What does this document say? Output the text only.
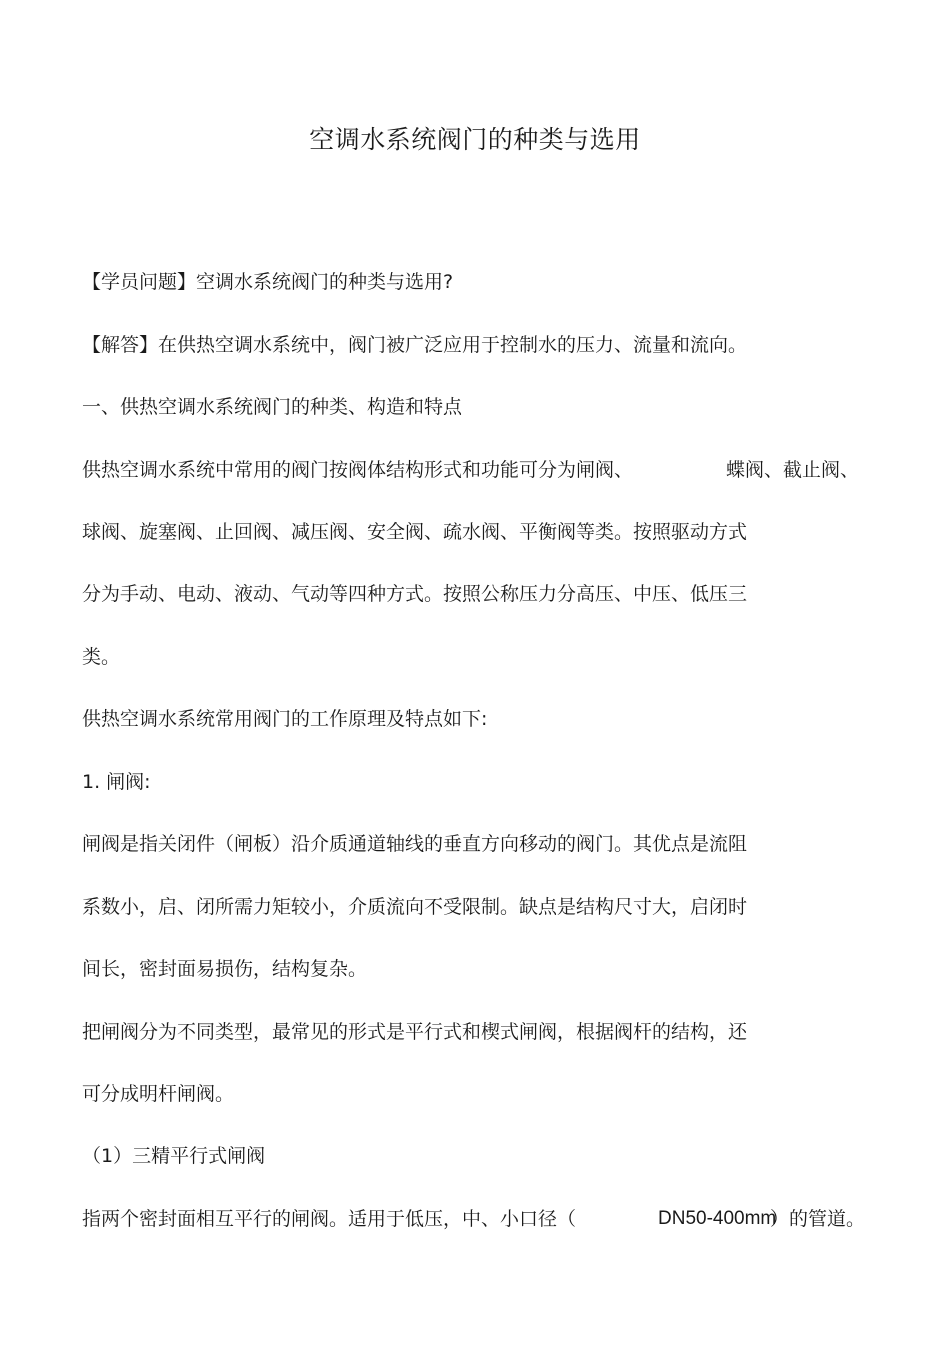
空调水系统阀门的种类与选用

【学员问题】空调水系统阀门的种类与选用?

【解答】在供热空调水系统中，阀门被广泛应用于控制水的压力、流量和流向。

一、供热空调水系统阀门的种类、构造和特点

供热空调水系统中常用的阀门按阀体结构形式和功能可分为闸阀、	蝶阀、截止阀、

球阀、旋塞阀、止回阀、减压阀、安全阀、疏水阀、平衡阀等类。按照驱动方式

分为手动、电动、液动、气动等四种方式。按照公称压力分高压、中压、低压三

类。

供热空调水系统常用阀门的工作原理及特点如下:

1. 闸阀:

闸阀是指关闭件（闸板）沿介质通道轴线的垂直方向移动的阀门。其优点是流阻

系数小，启、闭所需力矩较小，介质流向不受限制。缺点是结构尺寸大，启闭时

间长，密封面易损伤，结构复杂。

把闸阀分为不同类型，最常见的形式是平行式和楔式闸阀，根据阀杆的结构，还

可分成明杆闸阀。

（1）三精平行式闸阀

指两个密封面相互平行的闸阀。适用于低压，中、小口径（	DN50-400mm
）的管道。
